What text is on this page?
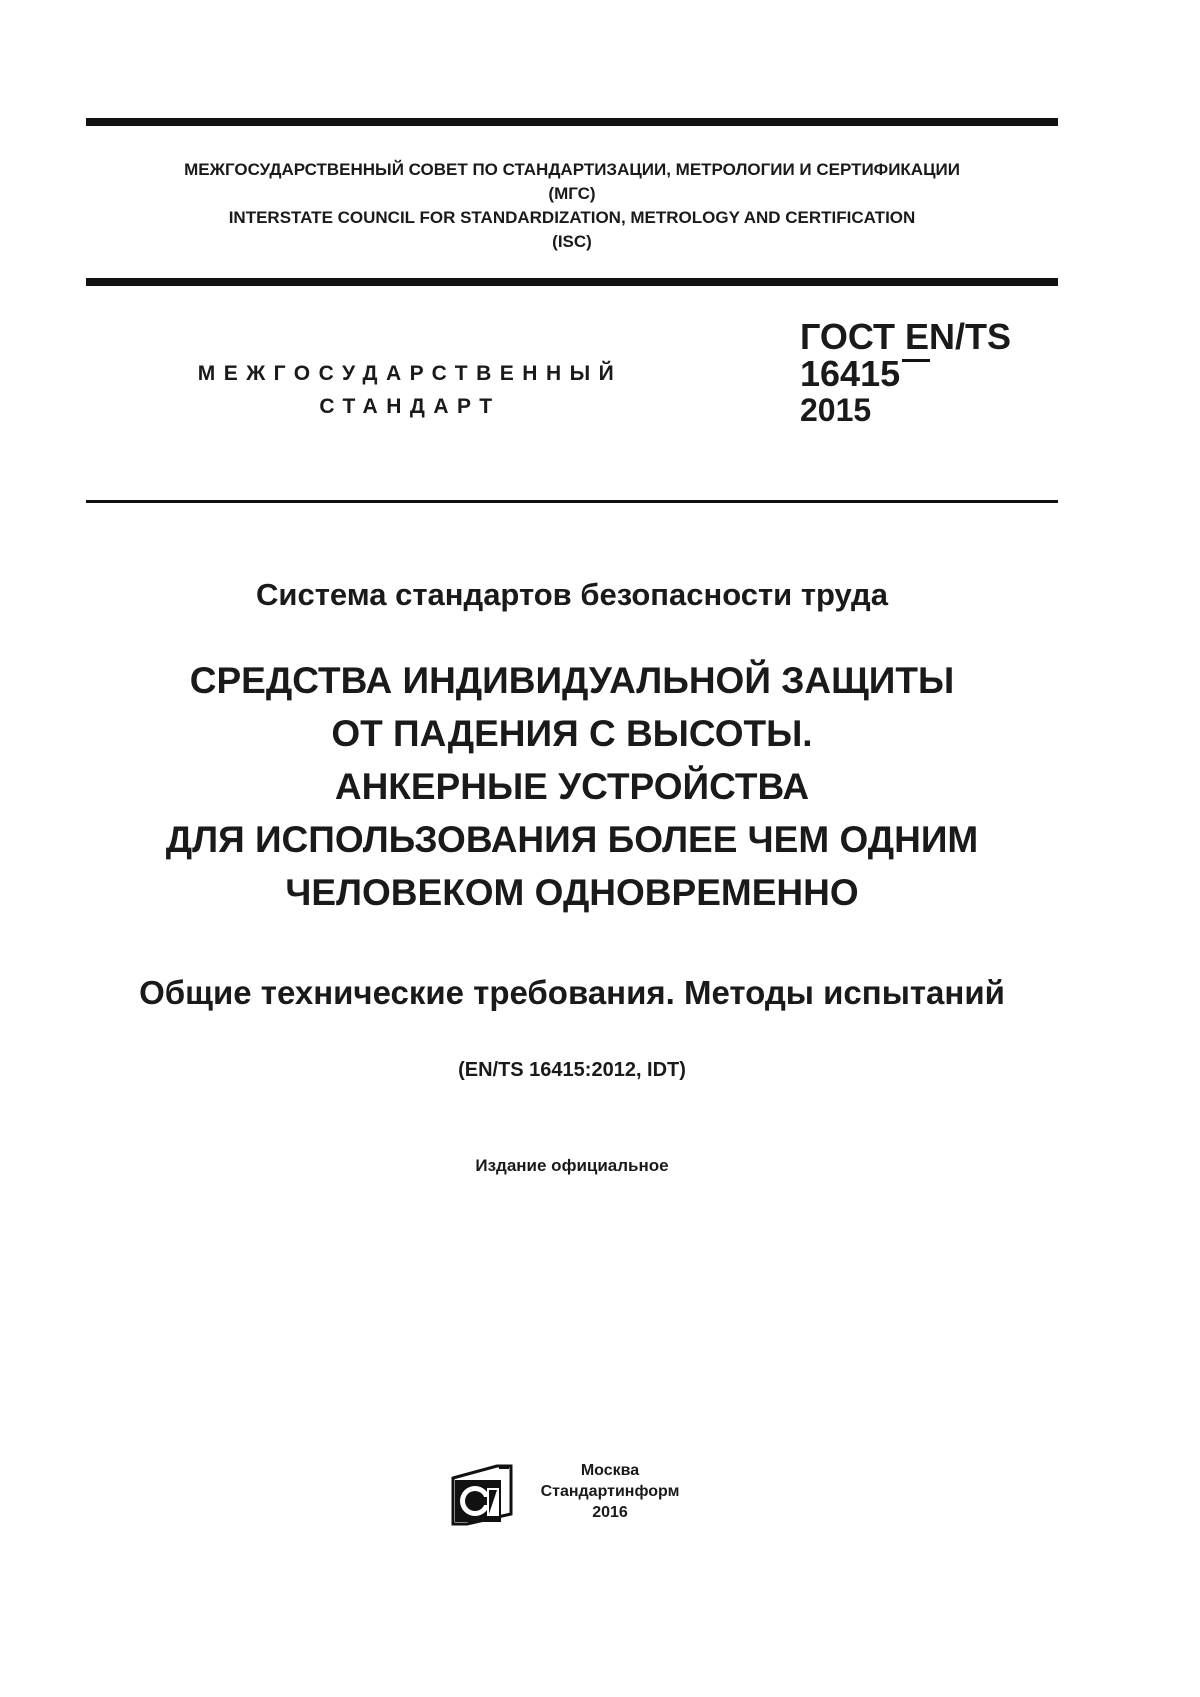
МЕЖГОСУДАРСТВЕННЫЙ СОВЕТ ПО СТАНДАРТИЗАЦИИ, МЕТРОЛОГИИ И СЕРТИФИКАЦИИ
(МГС)
INTERSTATE COUNCIL FOR STANDARDIZATION, METROLOGY AND CERTIFICATION
(ISC)
МЕЖГОСУДАРСТВЕННЫЙ
СТАНДАРТ
ГОСТ EN/TS
16415
2015
Система стандартов безопасности труда
СРЕДСТВА ИНДИВИДУАЛЬНОЙ ЗАЩИТЫ
ОТ ПАДЕНИЯ С ВЫСОТЫ.
АНКЕРНЫЕ УСТРОЙСТВА
ДЛЯ ИСПОЛЬЗОВАНИЯ БОЛЕЕ ЧЕМ ОДНИМ
ЧЕЛОВЕКОМ ОДНОВРЕМЕННО
Общие технические требования. Методы испытаний
(EN/TS 16415:2012, IDT)
Издание официальное
Москва
Стандартинформ
2016
